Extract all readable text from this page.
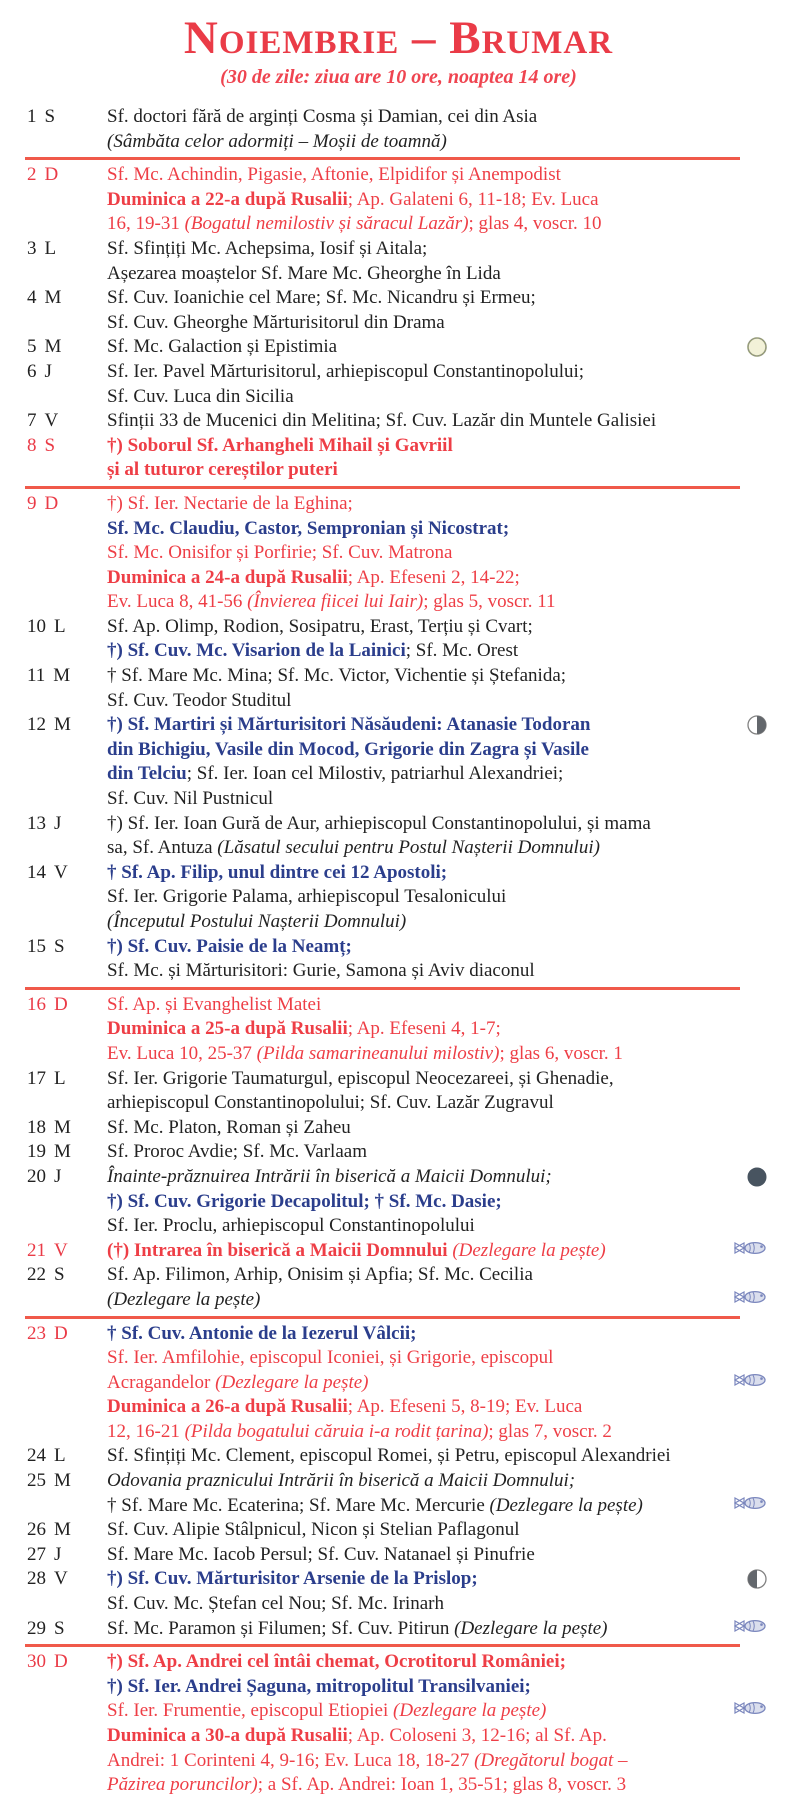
Noiembrie – Brumar
(30 de zile: ziua are 10 ore, noaptea 14 ore)
1 S	Sf. doctori fără de arginți Cosma și Damian, cei din Asia
(Sâmbăta celor adormiți – Moșii de toamnă)
2 D	Sf. Mc. Achindin, Pigasie, Aftonie, Elpidifor și Anempodist
Duminica a 22-a după Rusalii; Ap. Galateni 6, 11-18; Ev. Luca
16, 19-31 (Bogatul nemilostiv și săracul Lazăr); glas 4, voscr. 10
3 L	Sf. Sfințiți Mc. Achepsima, Iosif și Aitala;
Așezarea moaștelor Sf. Mare Mc. Gheorghe în Lida
4 M	Sf. Cuv. Ioanichie cel Mare; Sf. Mc. Nicandru și Ermeu;
Sf. Cuv. Gheorghe Mărturisitorul din Drama
5 M	Sf. Mc. Galaction și Epistimia
6 J	Sf. Ier. Pavel Mărturisitorul, arhiepiscopul Constantinopolului;
Sf. Cuv. Luca din Sicilia
7 V	Sfinții 33 de Mucenici din Melitina; Sf. Cuv. Lazăr din Muntele Galisiei
8 S	†) Soborul Sf. Arhangheli Mihail și Gavriil
și al tuturor cereștilor puteri
9 D	†) Sf. Ier. Nectarie de la Eghina;
Sf. Mc. Claudiu, Castor, Sempronian și Nicostrat;
Sf. Mc. Onisifor și Porfirie; Sf. Cuv. Matrona
Duminica a 24-a după Rusalii; Ap. Efeseni 2, 14-22;
Ev. Luca 8, 41-56 (Învierea fiicei lui Iair); glas 5, voscr. 11
10 L	Sf. Ap. Olimp, Rodion, Sosipatru, Erast, Terțiu și Cvart;
†) Sf. Cuv. Mc. Visarion de la Lainici; Sf. Mc. Orest
11 M	† Sf. Mare Mc. Mina; Sf. Mc. Victor, Vichentie și Ștefanida;
Sf. Cuv. Teodor Studitul
12 M	†) Sf. Martiri și Mărturisitori Năsăudeni: Atanasie Todoran
din Bichigiu, Vasile din Mocod, Grigorie din Zagra și Vasile
din Telciu; Sf. Ier. Ioan cel Milostiv, patriarhul Alexandriei;
Sf. Cuv. Nil Pustnicul
13 J	†) Sf. Ier. Ioan Gură de Aur, arhiepiscopul Constantinopolului, și mama
sa, Sf. Antuza (Lăsatul secului pentru Postul Nașterii Domnului)
14 V	† Sf. Ap. Filip, unul dintre cei 12 Apostoli;
Sf. Ier. Grigorie Palama, arhiepiscopul Tesalonicului
(Începutul Postului Nașterii Domnului)
15 S	†) Sf. Cuv. Paisie de la Neamț;
Sf. Mc. și Mărturisitori: Gurie, Samona și Aviv diaconul
16 D	Sf. Ap. și Evanghelist Matei
Duminica a 25-a după Rusalii; Ap. Efeseni 4, 1-7;
Ev. Luca 10, 25-37 (Pilda samarineanului milostiv); glas 6, voscr. 1
17 L	Sf. Ier. Grigorie Taumaturgul, episcopul Neocezareei, și Ghenadie,
arhiepiscopul Constantinopolului; Sf. Cuv. Lazăr Zugravul
18 M	Sf. Mc. Platon, Roman și Zaheu
19 M	Sf. Proroc Avdie; Sf. Mc. Varlaam
20 J	Înainte-prăznuirea Intrării în biserică a Maicii Domnului;
†) Sf. Cuv. Grigorie Decapolitul; † Sf. Mc. Dasie;
Sf. Ier. Proclu, arhiepiscopul Constantinopolului
21 V	(†) Intrarea în biserică a Maicii Domnului (Dezlegare la pește)
22 S	Sf. Ap. Filimon, Arhip, Onisim și Apfia; Sf. Mc. Cecilia
(Dezlegare la pește)
23 D	† Sf. Cuv. Antonie de la Iezerul Vâlcii;
Sf. Ier. Amfilohie, episcopul Iconiei, și Grigorie, episcopul
Acragandelor (Dezlegare la pește)
Duminica a 26-a după Rusalii; Ap. Efeseni 5, 8-19; Ev. Luca
12, 16-21 (Pilda bogatului căruia i-a rodit țarina); glas 7, voscr. 2
24 L	Sf. Sfințiți Mc. Clement, episcopul Romei, și Petru, episcopul Alexandriei
25 M	Odovania praznicului Intrării în biserică a Maicii Domnului;
† Sf. Mare Mc. Ecaterina; Sf. Mare Mc. Mercurie (Dezlegare la pește)
26 M	Sf. Cuv. Alipie Stâlpnicul, Nicon și Stelian Paflagonul
27 J	Sf. Mare Mc. Iacob Persul; Sf. Cuv. Natanael și Pinufrie
28 V	†) Sf. Cuv. Mărturisitor Arsenie de la Prislop;
Sf. Cuv. Mc. Ștefan cel Nou; Sf. Mc. Irinarh
29 S	Sf. Mc. Paramon și Filumen; Sf. Cuv. Pitirun (Dezlegare la pește)
30 D	†) Sf. Ap. Andrei cel întâi chemat, Ocrotitorul României;
†) Sf. Ier. Andrei Șaguna, mitropolitul Transilvaniei;
Sf. Ier. Frumentie, episcopul Etiopiei (Dezlegare la pește)
Duminica a 30-a după Rusalii; Ap. Coloseni 3, 12-16; al Sf. Ap.
Andrei: 1 Corinteni 4, 9-16; Ev. Luca 18, 18-27 (Dregătorul bogat –
Păzirea poruncilor); a Sf. Ap. Andrei: Ioan 1, 35-51; glas 8, voscr. 3
